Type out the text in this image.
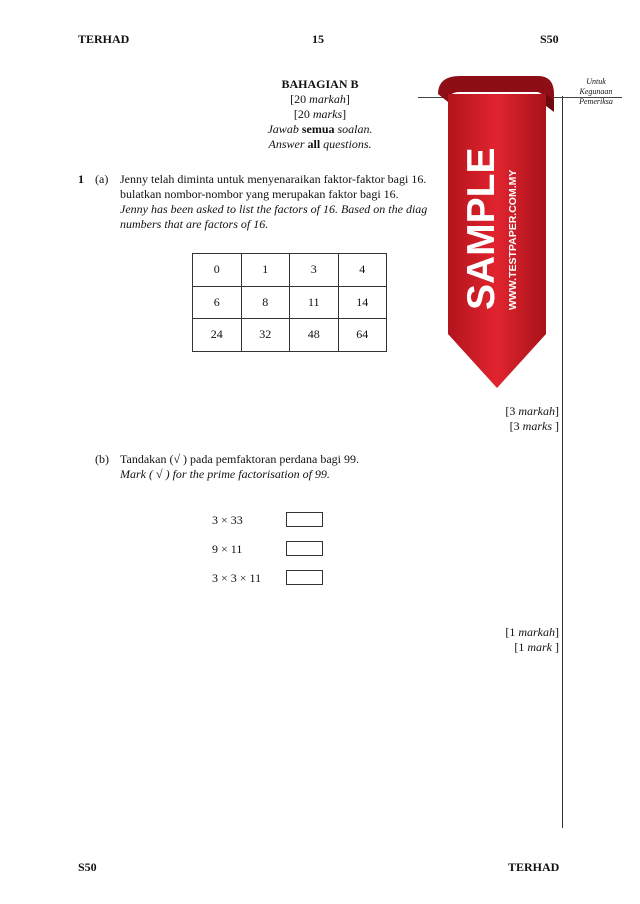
TERHAD	15	S50
Untuk
Kegunaan
Pemeriksa
BAHAGIAN B
[20 markah]
[20 marks]
Jawab semua soalan.
Answer all questions.
1 (a) Jenny telah diminta untuk menyenaraikan faktor-faktor bagi 16.
bulatkan nombor-nombor yang merupakan faktor bagi 16.
Jenny has been asked to list the factors of 16. Based on the diag
numbers that are factors of 16.
0	1	3	4
6	8	11	14
24	32	48	64
[3 markah]
[3 marks ]
(b) Tandakan (√ ) pada pemfaktoran perdana bagi 99.
Mark ( √ ) for the prime factorisation of 99.
3 × 33
9 × 11
3 × 3 × 11
[1 markah]
[1 mark ]
SAMPLE WWW.TESTPAPER.COM.MY
S50	TERHAD
